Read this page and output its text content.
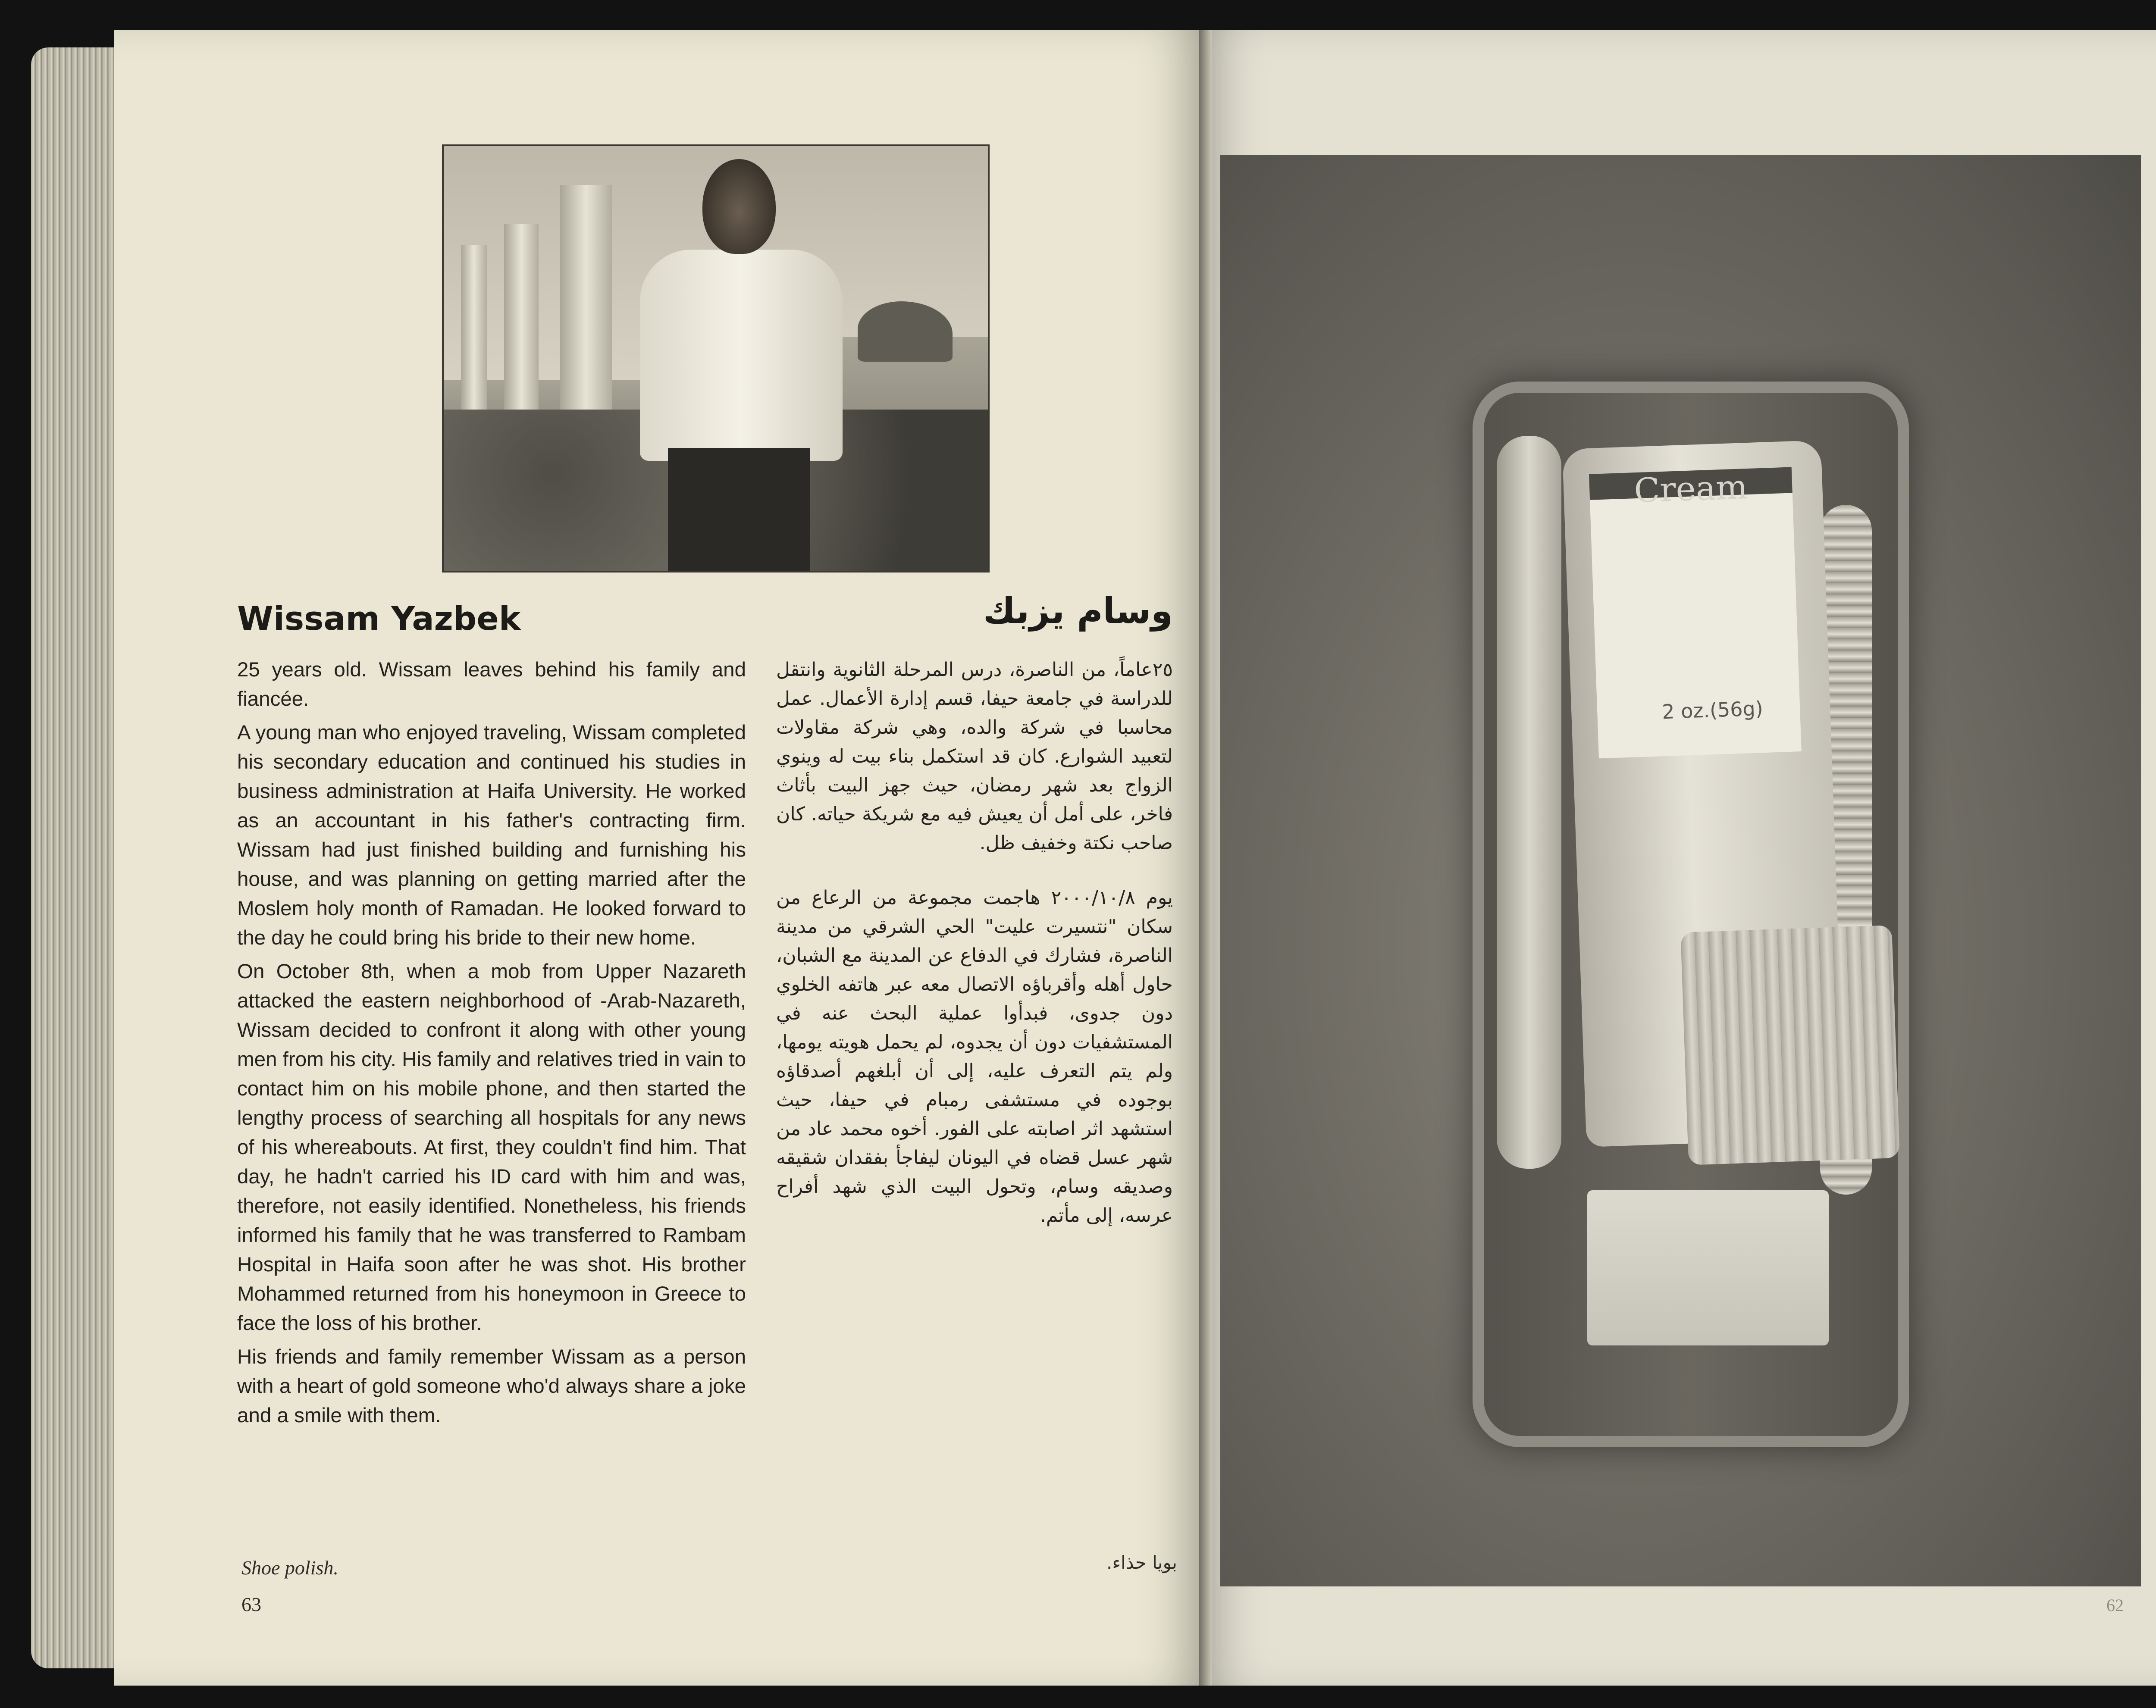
Wissam Yazbek	وسام يزبك

25 years old. Wissam leaves behind his family and fiancée.

A young man who enjoyed traveling, Wissam completed his secondary education and continued his studies in business administration at Haifa University. He worked as an accountant in his father's contracting firm. Wissam had just finished building and furnishing his house, and was planning on getting married after the Moslem holy month of Ramadan. He looked forward to the day he could bring his bride to their new home.

On October 8th, when a mob from Upper Nazareth attacked the eastern neighborhood of -Arab-Nazareth, Wissam decided to confront it along with other young men from his city. His family and relatives tried in vain to contact him on his mobile phone, and then started the lengthy process of searching all hospitals for any news of his whereabouts. At first, they couldn't find him. That day, he hadn't carried his ID card with him and was, therefore, not easily identified. Nonetheless, his friends informed his family that he was transferred to Rambam Hospital in Haifa soon after he was shot. His brother Mohammed returned from his honeymoon in Greece to face the loss of his brother.

His friends and family remember Wissam as a person with a heart of gold someone who'd always share a joke and a smile with them.

٢٥عاماً، من الناصرة، درس المرحلة الثانوية وانتقل للدراسة في جامعة حيفا، قسم إدارة الأعمال. عمل محاسبا في شركة والده، وهي شركة مقاولات لتعبيد الشوارع. كان قد استكمل بناء بيت له وينوي الزواج بعد شهر رمضان، حيث جهز البيت بأثاث فاخر، على أمل أن يعيش فيه مع شريكة حياته. كان صاحب نكتة وخفيف ظل.

يوم ٢٠٠٠/١٠/٨ هاجمت مجموعة من الرعاع من سكان "نتسيرت عليت" الحي الشرقي من مدينة الناصرة، فشارك في الدفاع عن المدينة مع الشبان، حاول أهله وأقرباؤه الاتصال معه عبر هاتفه الخلوي دون جدوى، فبدأوا عملية البحث عنه في المستشفيات دون أن يجدوه، لم يحمل هويته يومها، ولم يتم التعرف عليه، إلى أن أبلغهم أصدقاؤه بوجوده في مستشفى رمبام في حيفا، حيث استشهد اثر اصابته على الفور. أخوه محمد عاد من شهر عسل قضاه في اليونان ليفاجأ بفقدان شقيقه وصديقه وسام، وتحول البيت الذي شهد أفراح عرسه، إلى مأتم.

Shoe polish.	بويا حذاء.

63

Cream

2 oz.(56g)

62
